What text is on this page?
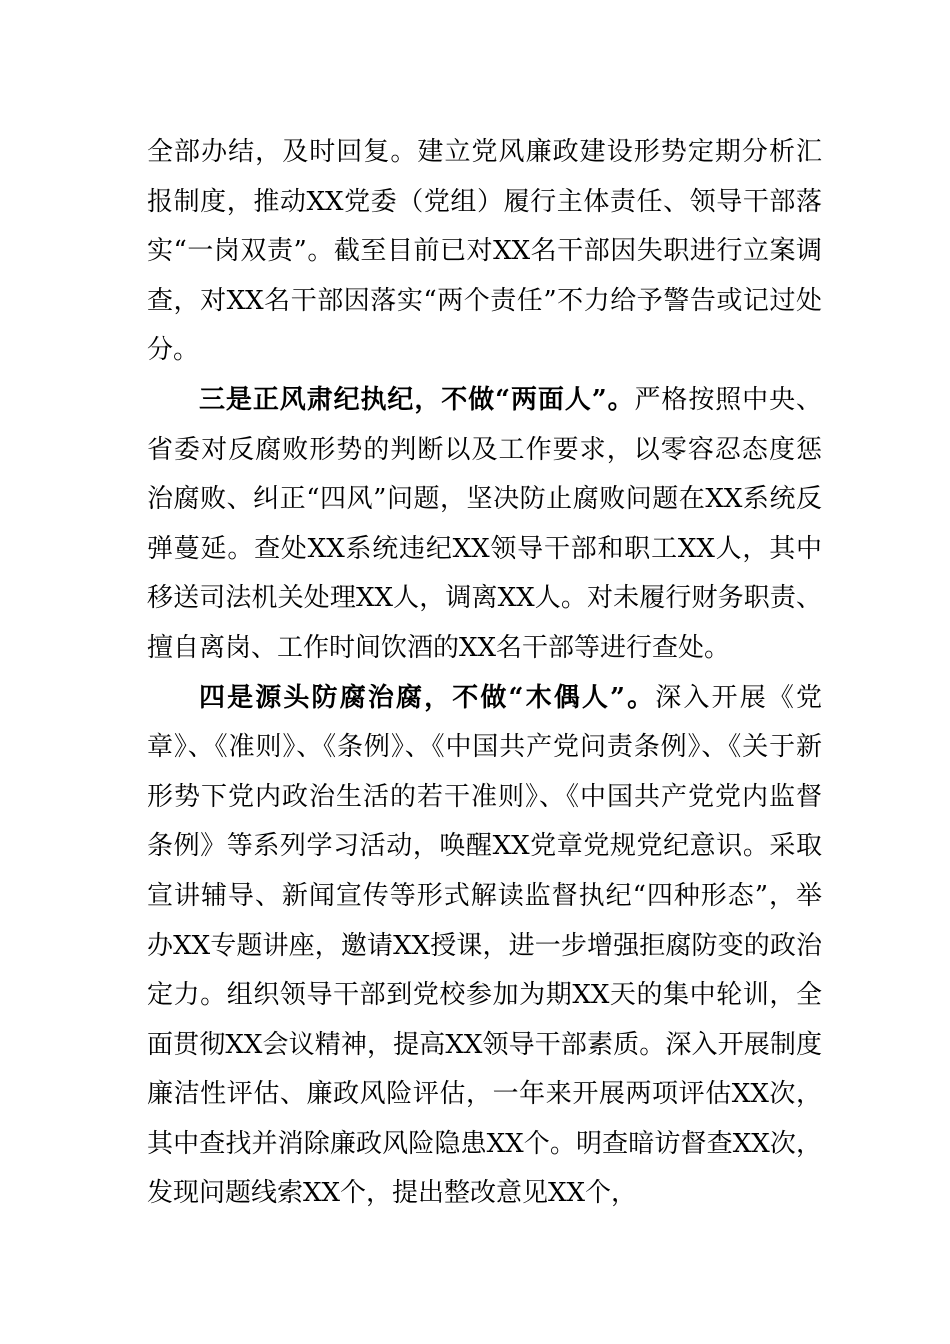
全部办结，及时回复。建立党风廉政建设形势定期分析汇报制度，推动XX党委（党组）履行主体责任、领导干部落实“一岗双责”。截至目前已对XX名干部因失职进行立案调查，对XX名干部因落实“两个责任”不力给予警告或记过处分。

三是正风肃纪执纪，不做“两面人”。严格按照中央、省委对反腐败形势的判断以及工作要求，以零容忍态度惩治腐败、纠正“四风”问题，坚决防止腐败问题在XX系统反弹蔓延。查处XX系统违纪XX领导干部和职工XX人，其中移送司法机关处理XX人，调离XX人。对未履行财务职责、擅自离岗、工作时间饮酒的XX名干部等进行查处。

四是源头防腐治腐，不做“木偶人”。深入开展《党章》、《准则》、《条例》、《中国共产党问责条例》、《关于新形势下党内政治生活的若干准则》、《中国共产党党内监督条例》等系列学习活动，唤醒XX党章党规党纪意识。采取宣讲辅导、新闻宣传等形式解读监督执纪“四种形态”，举办XX专题讲座，邀请XX授课，进一步增强拒腐防变的政治定力。组织领导干部到党校参加为期XX天的集中轮训，全面贯彻XX会议精神，提高XX领导干部素质。深入开展制度廉洁性评估、廉政风险评估，一年来开展两项评估XX次，其中查找并消除廉政风险隐患XX个。明查暗访督查XX次，发现问题线索XX个，提出整改意见XX个，
